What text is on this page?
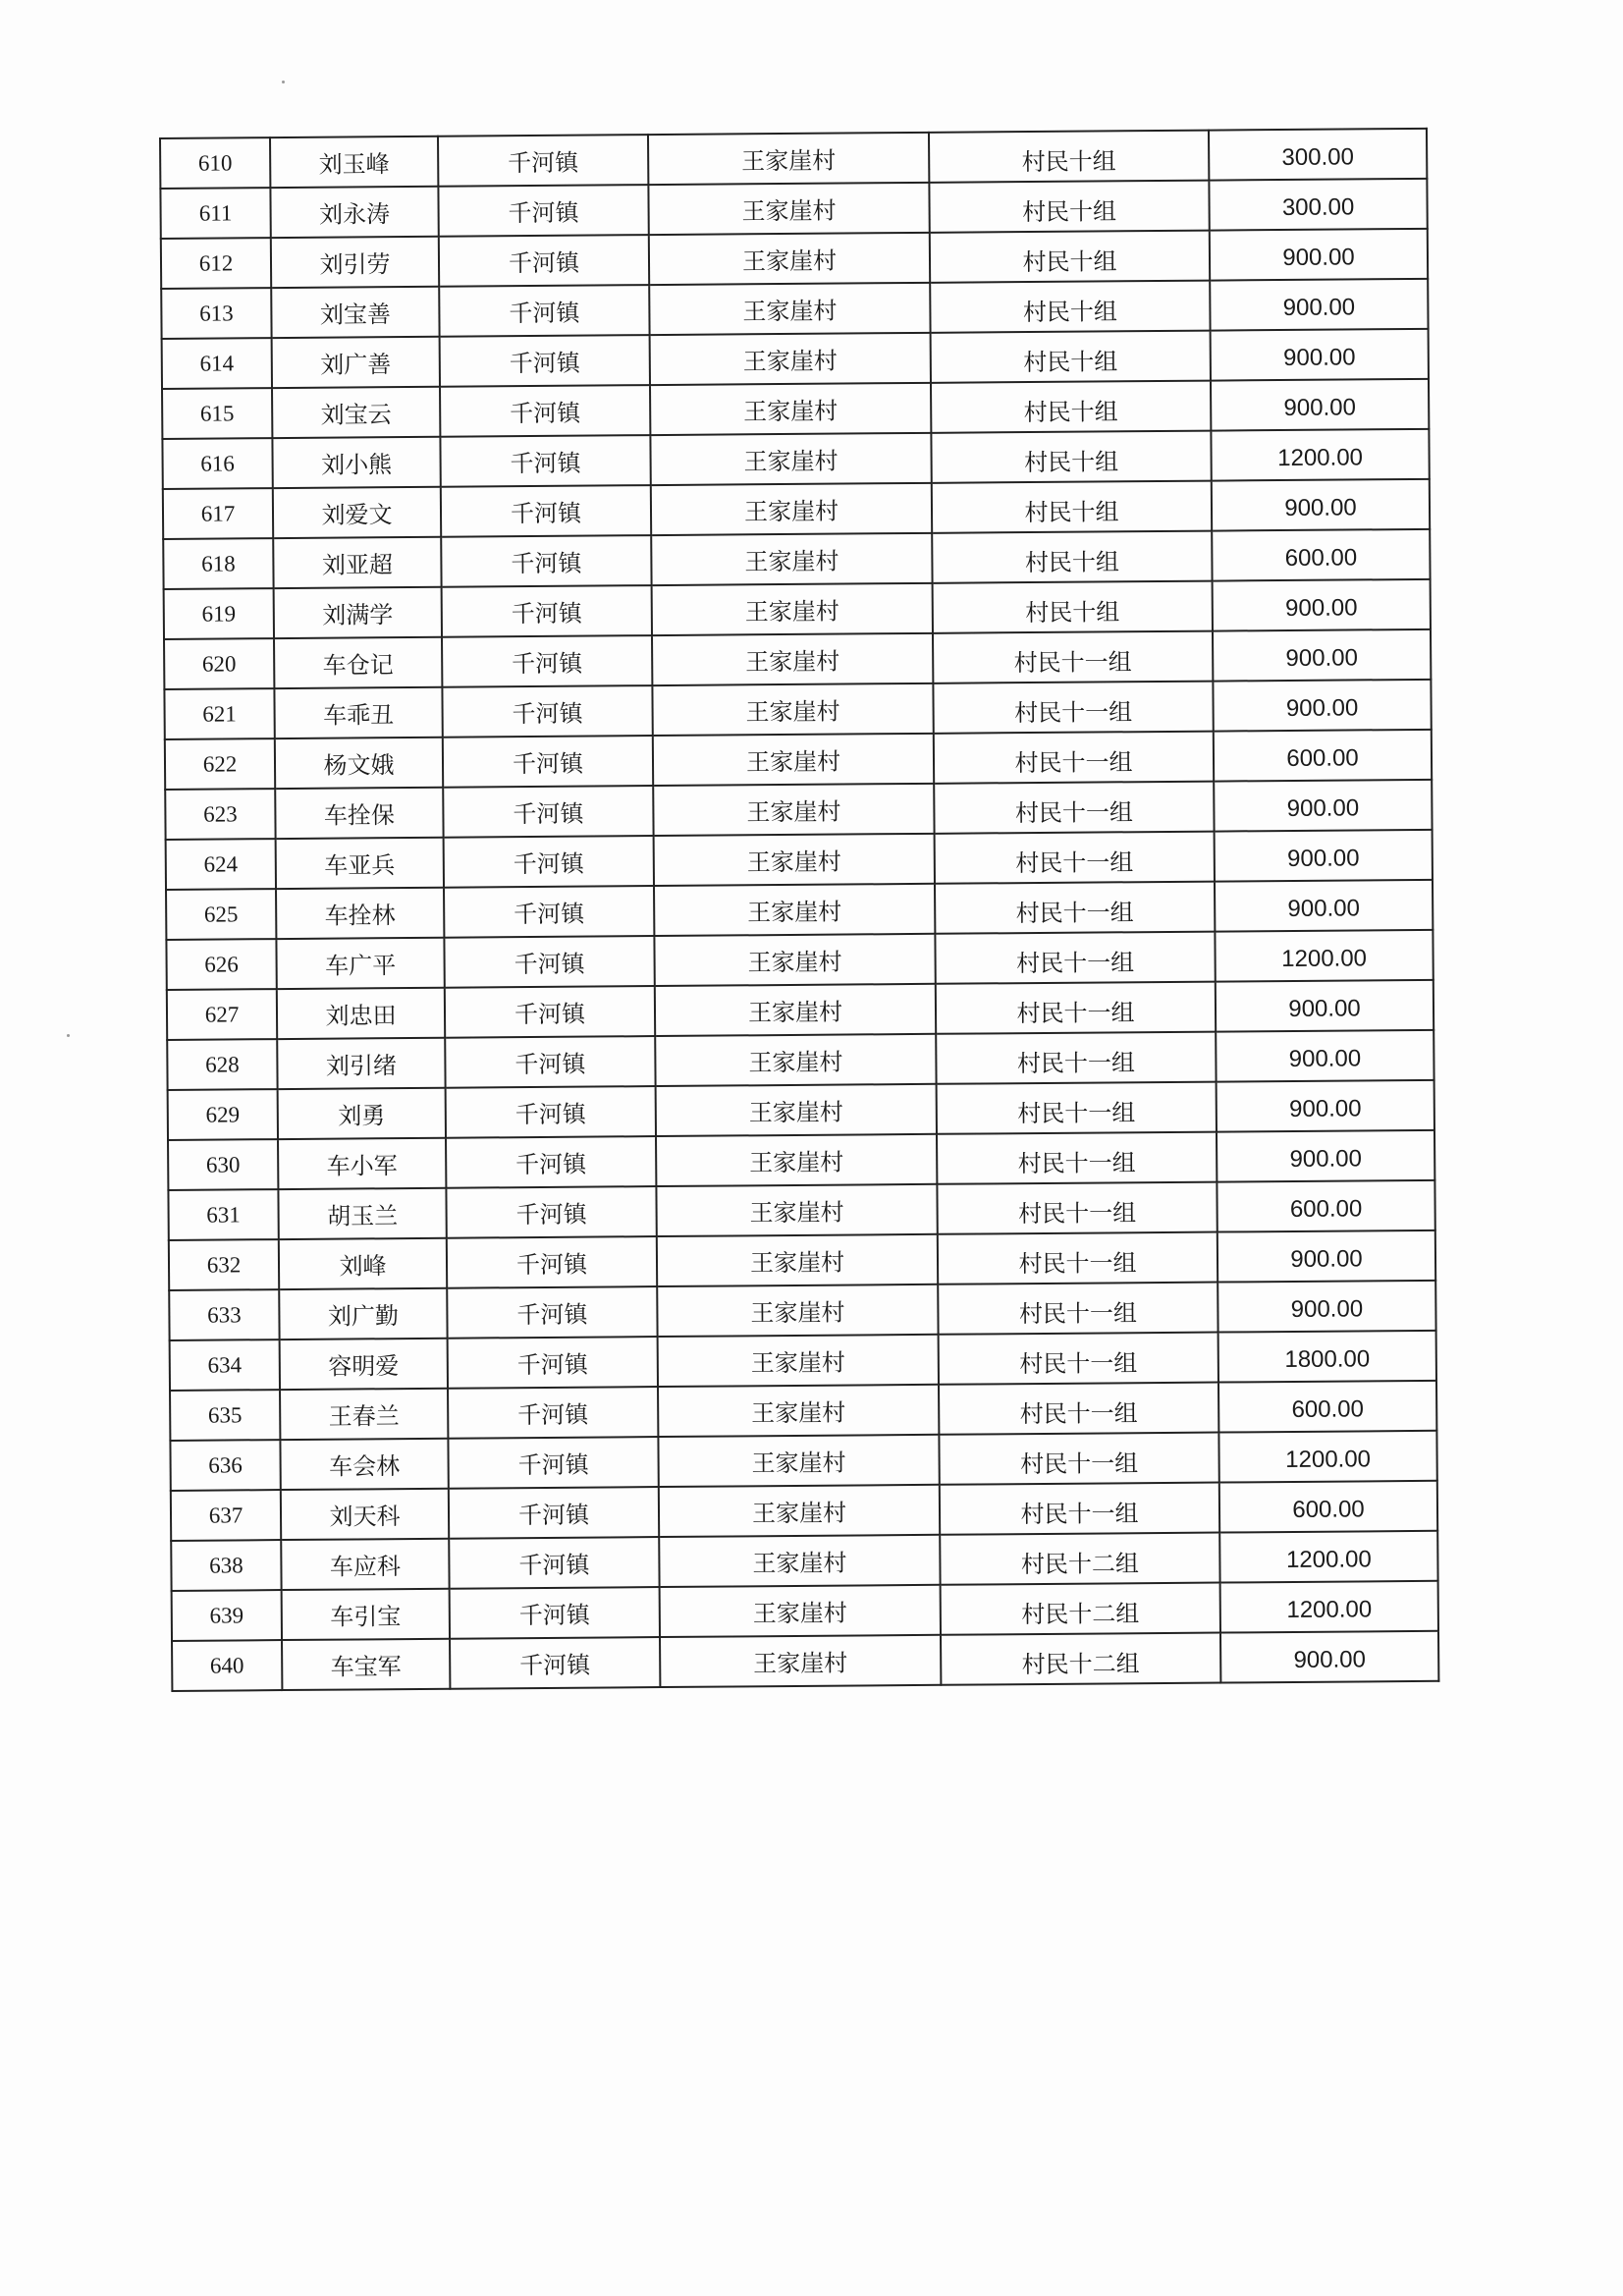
610	刘玉峰	千河镇	王家崖村	村民十组	300.00
611	刘永涛	千河镇	王家崖村	村民十组	300.00
612	刘引劳	千河镇	王家崖村	村民十组	900.00
613	刘宝善	千河镇	王家崖村	村民十组	900.00
614	刘广善	千河镇	王家崖村	村民十组	900.00
615	刘宝云	千河镇	王家崖村	村民十组	900.00
616	刘小熊	千河镇	王家崖村	村民十组	1200.00
617	刘爱文	千河镇	王家崖村	村民十组	900.00
618	刘亚超	千河镇	王家崖村	村民十组	600.00
619	刘满学	千河镇	王家崖村	村民十组	900.00
620	车仓记	千河镇	王家崖村	村民十一组	900.00
621	车乖丑	千河镇	王家崖村	村民十一组	900.00
622	杨文娥	千河镇	王家崖村	村民十一组	600.00
623	车拴保	千河镇	王家崖村	村民十一组	900.00
624	车亚兵	千河镇	王家崖村	村民十一组	900.00
625	车拴林	千河镇	王家崖村	村民十一组	900.00
626	车广平	千河镇	王家崖村	村民十一组	1200.00
627	刘忠田	千河镇	王家崖村	村民十一组	900.00
628	刘引绪	千河镇	王家崖村	村民十一组	900.00
629	刘勇	千河镇	王家崖村	村民十一组	900.00
630	车小军	千河镇	王家崖村	村民十一组	900.00
631	胡玉兰	千河镇	王家崖村	村民十一组	600.00
632	刘峰	千河镇	王家崖村	村民十一组	900.00
633	刘广勤	千河镇	王家崖村	村民十一组	900.00
634	容明爱	千河镇	王家崖村	村民十一组	1800.00
635	王春兰	千河镇	王家崖村	村民十一组	600.00
636	车会林	千河镇	王家崖村	村民十一组	1200.00
637	刘天科	千河镇	王家崖村	村民十一组	600.00
638	车应科	千河镇	王家崖村	村民十二组	1200.00
639	车引宝	千河镇	王家崖村	村民十二组	1200.00
640	车宝军	千河镇	王家崖村	村民十二组	900.00
